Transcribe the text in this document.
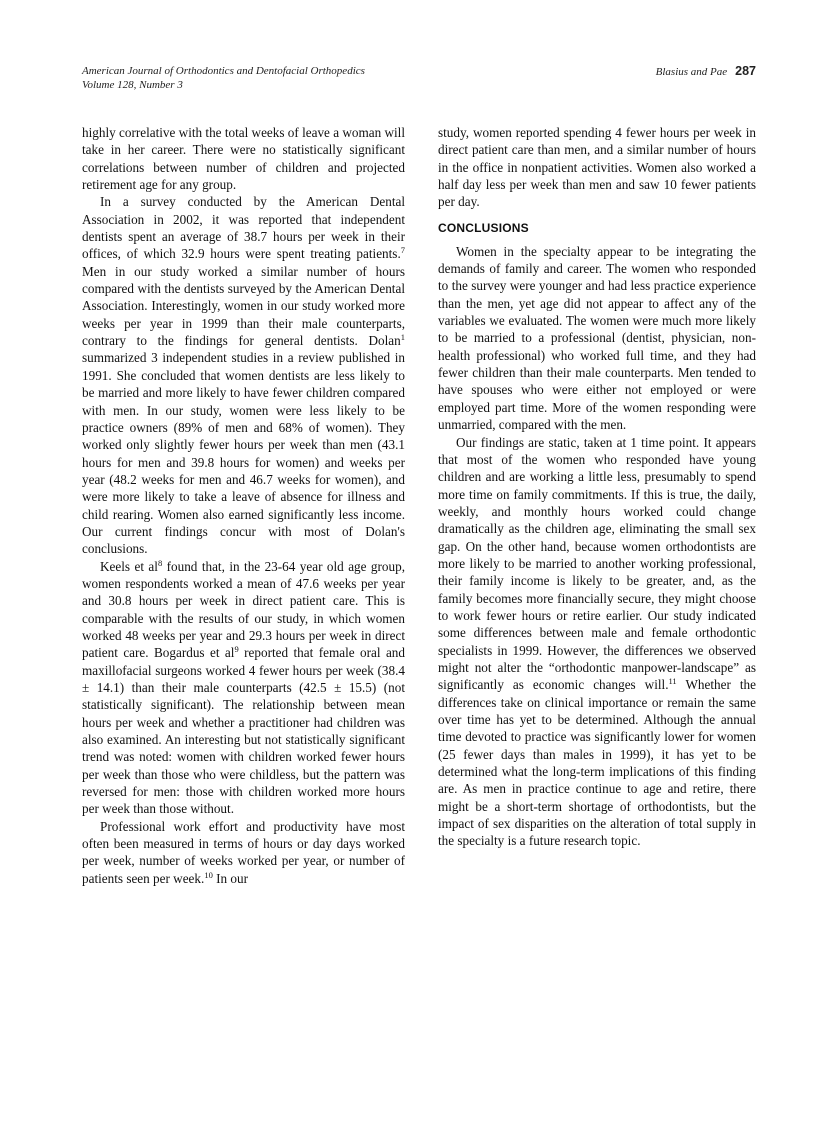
American Journal of Orthodontics and Dentofacial Orthopedics
Volume 128, Number 3
Blasius and Pae 287

highly correlative with the total weeks of leave a woman will take in her career. There were no statistically significant correlations between number of children and projected retirement age for any group.

In a survey conducted by the American Dental Association in 2002, it was reported that independent dentists spent an average of 38.7 hours per week in their offices, of which 32.9 hours were spent treating patients.$^7$ Men in our study worked a similar number of hours compared with the dentists surveyed by the American Dental Association. Interestingly, women in our study worked more weeks per year in 1999 than their male counterparts, contrary to the findings for general dentists. Dolan$^1$ summarized 3 independent studies in a review published in 1991. She concluded that women dentists are less likely to be married and more likely to have fewer children compared with men. In our study, women were less likely to be practice owners (89% of men and 68% of women). They worked only slightly fewer hours per week than men (43.1 hours for men and 39.8 hours for women) and weeks per year (48.2 weeks for men and 46.7 weeks for women), and were more likely to take a leave of absence for illness and child rearing. Women also earned significantly less income. Our current findings concur with most of Dolan's conclusions.

Keels et $al^8$ found that, in the 23-64 year old age group, women respondents worked a mean of 47.6 weeks per year and 30.8 hours per week in direct patient care. This is comparable with the results of our study, in which women worked 48 weeks per year and 29.3 hours per week in direct patient care. Bogardus et $al^9$ reported that female oral and maxillofacial surgeons worked 4 fewer hours per week (38.4 ± 14.1) than their male counterparts (42.5 ± 15.5) (not statistically significant). The relationship between mean hours per week and whether a practitioner had children was also examined. An interesting but not statistically significant trend was noted: women with children worked fewer hours per week than those who were childless, but the pattern was reversed for men: those with children worked more hours per week than those without.

Professional work effort and productivity have most often been measured in terms of hours or day days worked per week, number of weeks worked per year, or number of patients seen per week.$^{10}$ In our

study, women reported spending 4 fewer hours per week in direct patient care than men, and a similar number of hours in the office in nonpatient activities. Women also worked a half day less per week than men and saw 10 fewer patients per day.

CONCLUSIONS

Women in the specialty appear to be integrating the demands of family and career. The women who responded to the survey were younger and had less practice experience than the men, yet age did not appear to affect any of the variables we evaluated. The women were much more likely to be married to a professional (dentist, physician, non-health professional) who worked full time, and they had fewer children than their male counterparts. Men tended to have spouses who were either not employed or were employed part time. More of the women responding were unmarried, compared with the men.

Our findings are static, taken at 1 time point. It appears that most of the women who responded have young children and are working a little less, presumably to spend more time on family commitments. If this is true, the daily, weekly, and monthly hours worked could change dramatically as the children age, eliminating the small sex gap. On the other hand, because women orthodontists are more likely to be married to another working professional, their family income is likely to be greater, and, as the family becomes more financially secure, they might choose to work fewer hours or retire earlier. Our study indicated some differences between male and female orthodontic specialists in 1999. However, the differences we observed might not alter the “orthodontic manpower-landscape” as significantly as economic changes will.$^{11}$ Whether the differences take on clinical importance or remain the same over time has yet to be determined. Although the annual time devoted to practice was significantly lower for women (25 fewer days than males in 1999), it has yet to be determined what the long-term implications of this finding are. As men in practice continue to age and retire, there might be a short-term shortage of orthodontists, but the impact of sex disparities on the alteration of total supply in the specialty is a future research topic.
